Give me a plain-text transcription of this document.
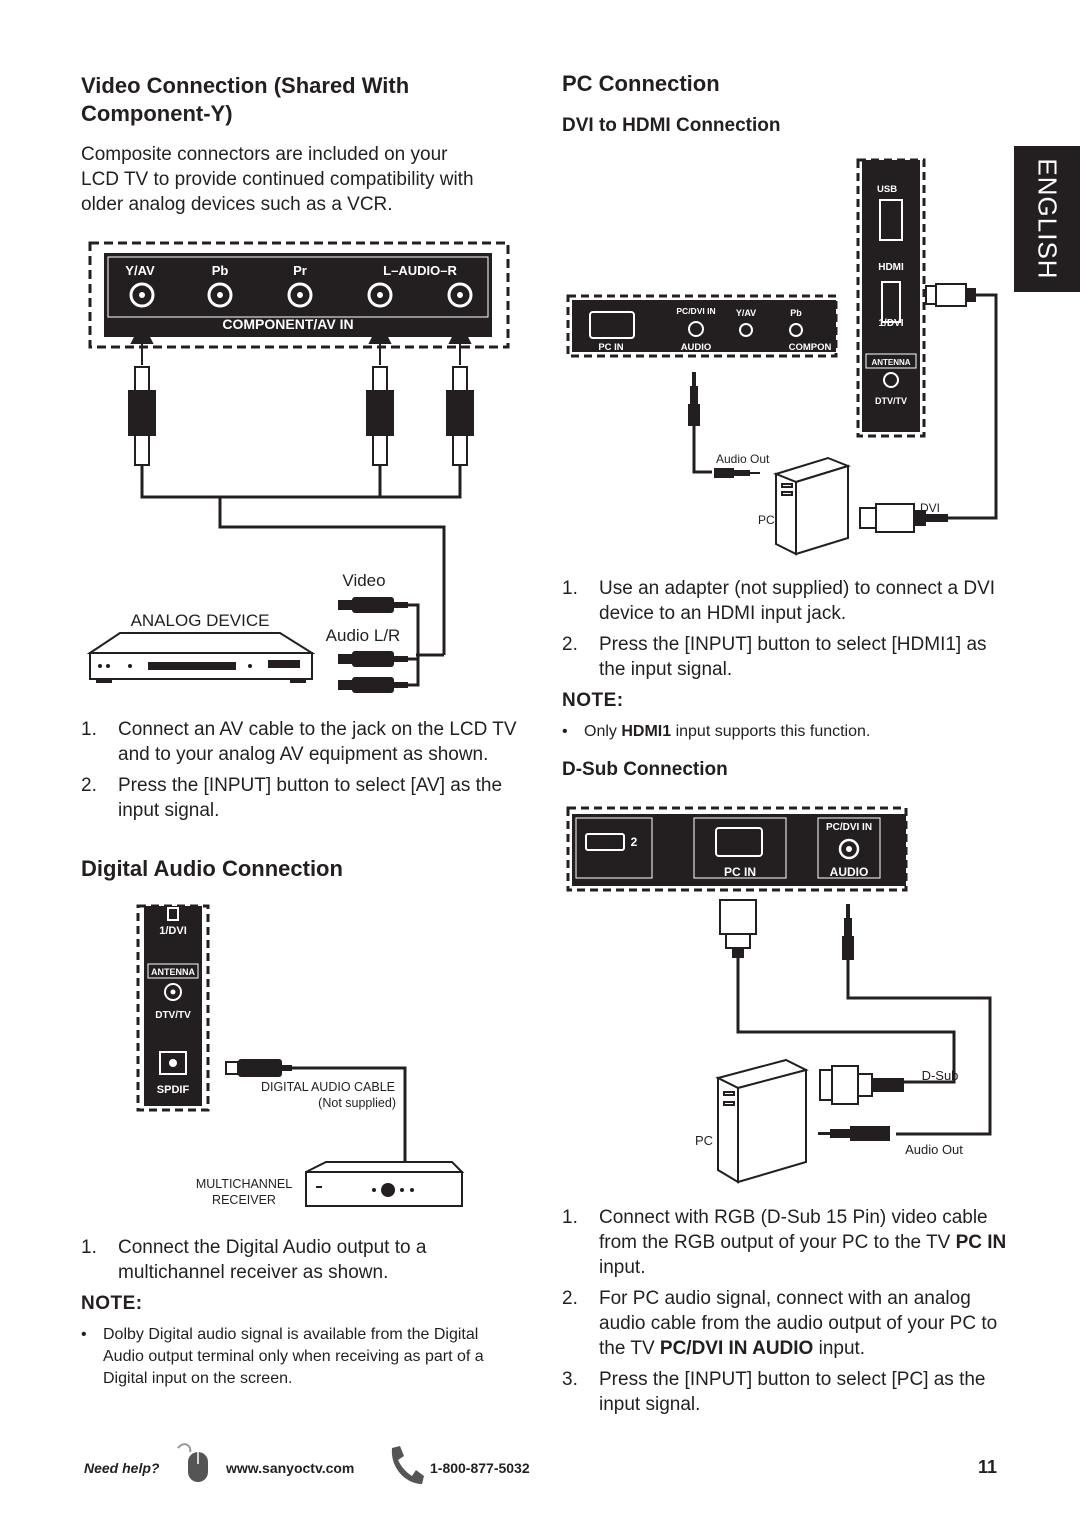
ENGLISH
Video Connection (Shared With
Component-Y)

Composite connectors are included on your
LCD TV to provide continued compatibility with
older analog devices such as a VCR.

Y/AV	Pb	Pr	L–AUDIO–R
COMPONENT/AV IN
Video
Audio L/R
ANALOG DEVICE
1. Connect an AV cable to the jack on the LCD TV and to your analog AV equipment as shown.
2. Press the [INPUT] button to select [AV] as the input signal.
Digital Audio Connection
1/DVI
ANTENNA
DTV/TV
SPDIF	DIGITAL AUDIO CABLE
(Not supplied)
MULTICHANNEL
RECEIVER
1. Connect the Digital Audio output to a multichannel receiver as shown.
NOTE:
• Dolby Digital audio signal is available from the Digital Audio output terminal only when receiving as part of a Digital input on the screen.
PC Connection
DVI to HDMI Connection
PC IN
PC/DVI IN
AUDIO
Y/AV	Pb
COMPON
USB
HDMI
1/DVI
ANTENNA
DTV/TV
Audio Out
PC
DVI
1. Use an adapter (not supplied) to connect a DVI device to an HDMI input jack.
2. Press the [INPUT] button to select [HDMI1] as the input signal.
NOTE:
• Only HDMI1 input supports this function.
D-Sub Connection
2
PC IN
PC/DVI IN
AUDIO
PC
D-Sub
Audio Out
1. Connect with RGB (D-Sub 15 Pin) video cable from the RGB output of your PC to the TV PC IN input.
2. For PC audio signal, connect with an analog audio cable from the audio output of your PC to the TV PC/DVI IN AUDIO input.
3. Press the [INPUT] button to select [PC] as the input signal.
Need help?	www.sanyoctv.com	1-800-877-5032	11
